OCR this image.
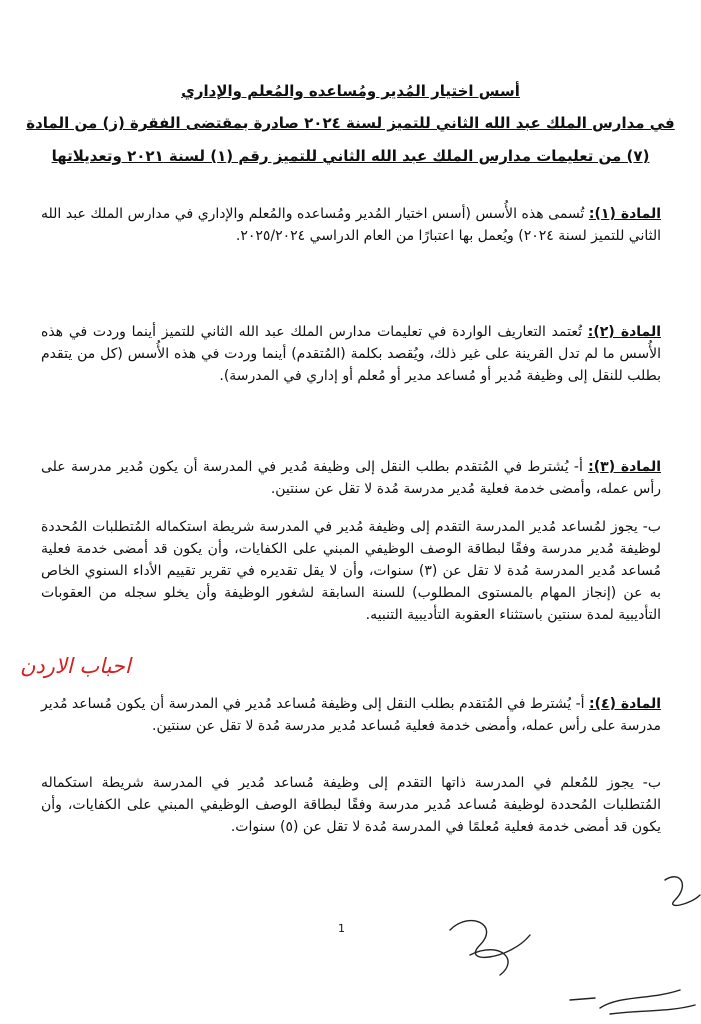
أسس اختيار المُدير ومُساعده والمُعلم والإداري
في مدارس الملك عبد الله الثاني للتميز لسنة ٢٠٢٤ صادرة بمقتضى الفقرة (ز) من المادة
(٧) من تعليمات مدارس الملك عبد الله الثاني للتميز رقم (١) لسنة ٢٠٢١ وتعديلاتها
المادة (١): تُسمى هذه الأُسس (أسس اختيار المُدير ومُساعده والمُعلم والإداري في مدارس الملك عبد الله الثاني للتميز لسنة ٢٠٢٤) ويُعمل بها اعتبارًا من العام الدراسي ٢٠٢٥/٢٠٢٤.
المادة (٢): تُعتمد التعاريف الواردة في تعليمات مدارس الملك عبد الله الثاني للتميز أينما وردت في هذه الأُسس ما لم تدل القرينة على غير ذلك، ويُقصد بكلمة (المُتقدم) أينما وردت في هذه الأُسس (كل من يتقدم بطلب للنقل إلى وظيفة مُدير أو مُساعد مدير أو مُعلم أو إداري في المدرسة).
المادة (٣): أ- يُشترط في المُتقدم بطلب النقل إلى وظيفة مُدير في المدرسة أن يكون مُدير مدرسة على رأس عمله، وأمضى خدمة فعلية مُدير مدرسة مُدة لا تقل عن سنتين.
ب- يجوز لمُساعد مُدير المدرسة التقدم إلى وظيفة مُدير في المدرسة شريطة استكماله المُتطلبات المُحددة لوظيفة مُدير مدرسة وفقًا لبطاقة الوصف الوظيفي المبني على الكفايات، وأن يكون قد أمضى خدمة فعلية مُساعد مُدير المدرسة مُدة لا تقل عن (٣) سنوات، وأن لا يقل تقديره في تقرير تقييم الأداء السنوي الخاص به عن (إنجاز المهام بالمستوى المطلوب) للسنة السابقة لشغور الوظيفة وأن يخلو سجله من العقوبات التأديبية لمدة سنتين باستثناء العقوبة التأديبية التنبيه.
احباب الاردن
المادة (٤): أ- يُشترط في المُتقدم بطلب النقل إلى وظيفة مُساعد مُدير في المدرسة أن يكون مُساعد مُدير مدرسة على رأس عمله، وأمضى خدمة فعلية مُساعد مُدير مدرسة مُدة لا تقل عن سنتين.
ب- يجوز للمُعلم في المدرسة ذاتها التقدم إلى وظيفة مُساعد مُدير في المدرسة شريطة استكماله المُتطلبات المُحددة لوظيفة مُساعد مُدير مدرسة وفقًا لبطاقة الوصف الوظيفي المبني على الكفايات، وأن يكون قد أمضى خدمة فعلية مُعلمًا في المدرسة مُدة لا تقل عن (٥) سنوات.
1
